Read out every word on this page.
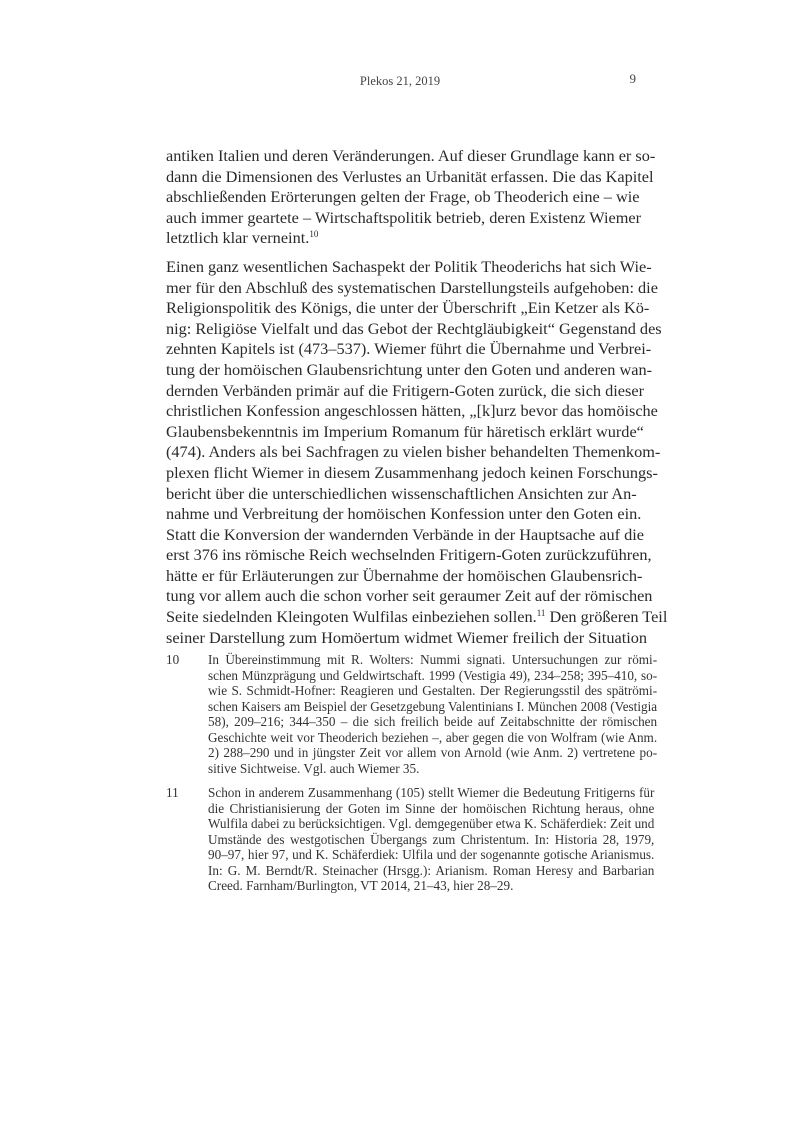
Plekos 21, 2019	9

antiken Italien und deren Veränderungen. Auf dieser Grundlage kann er so-
dann die Dimensionen des Verlustes an Urbanität erfassen. Die das Kapitel
abschließenden Erörterungen gelten der Frage, ob Theoderich eine – wie
auch immer geartete – Wirtschaftspolitik betrieb, deren Existenz Wiemer
letztlich klar verneint.$^{10}$

Einen ganz wesentlichen Sachaspekt der Politik Theoderichs hat sich Wie-
mer für den Abschluß des systematischen Darstellungsteils aufgehoben: die
Religionspolitik des Königs, die unter der Überschrift „Ein Ketzer als Kö-
nig: Religiöse Vielfalt und das Gebot der Rechtgläubigkeit“ Gegenstand des
zehnten Kapitels ist (473–537). Wiemer führt die Übernahme und Verbrei-
tung der homöischen Glaubensrichtung unter den Goten und anderen wan-
dernden Verbänden primär auf die Fritigern-Goten zurück, die sich dieser
christlichen Konfession angeschlossen hätten, „[k]urz bevor das homöische
Glaubensbekenntnis im Imperium Romanum für häretisch erklärt wurde“
(474). Anders als bei Sachfragen zu vielen bisher behandelten Themenkom-
plexen flicht Wiemer in diesem Zusammenhang jedoch keinen Forschungs-
bericht über die unterschiedlichen wissenschaftlichen Ansichten zur An-
nahme und Verbreitung der homöischen Konfession unter den Goten ein.
Statt die Konversion der wandernden Verbände in der Hauptsache auf die
erst 376 ins römische Reich wechselnden Fritigern-Goten zurückzuführen,
hätte er für Erläuterungen zur Übernahme der homöischen Glaubensrich-
tung vor allem auch die schon vorher seit geraumer Zeit auf der römischen
Seite siedelnden Kleingoten Wulfilas einbeziehen sollen.$^{11}$ Den größeren Teil
seiner Darstellung zum Homöertum widmet Wiemer freilich der Situation

10	In Übereinstimmung mit R. Wolters: Nummi signati. Untersuchungen zur römi-
schen Münzprägung und Geldwirtschaft. 1999 (Vestigia 49), 234–258; 395–410, so-
wie S. Schmidt-Hofner: Reagieren und Gestalten. Der Regierungsstil des spätrömi-
schen Kaisers am Beispiel der Gesetzgebung Valentinians I. München 2008 (Vestigia
58), 209–216; 344–350 – die sich freilich beide auf Zeitabschnitte der römischen
Geschichte weit vor Theoderich beziehen –, aber gegen die von Wolfram (wie Anm.
2) 288–290 und in jüngster Zeit vor allem von Arnold (wie Anm. 2) vertretene po-
sitive Sichtweise. Vgl. auch Wiemer 35.
11	Schon in anderem Zusammenhang (105) stellt Wiemer die Bedeutung Fritigerns für
die Christianisierung der Goten im Sinne der homöischen Richtung heraus, ohne
Wulfila dabei zu berücksichtigen. Vgl. demgegenüber etwa K. Schäferdiek: Zeit und
Umstände des westgotischen Übergangs zum Christentum. In: Historia 28, 1979,
90–97, hier 97, und K. Schäferdiek: Ulfila und der sogenannte gotische Arianismus.
In: G. M. Berndt/R. Steinacher (Hrsgg.): Arianism. Roman Heresy and Barbarian
Creed. Farnham/Burlington, VT 2014, 21–43, hier 28–29.
